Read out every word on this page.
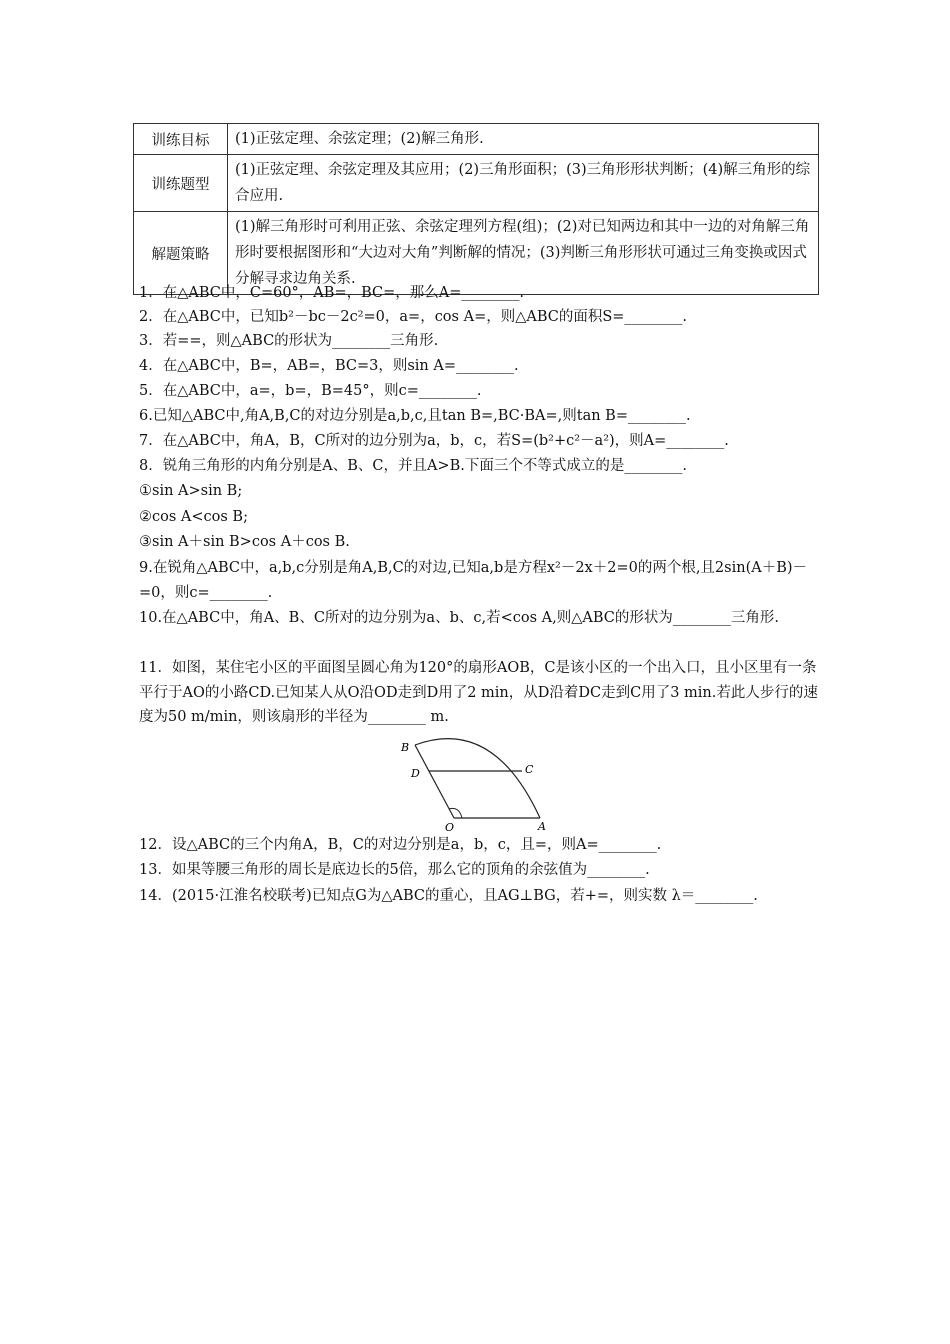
训练目标	(1)正弦定理、余弦定理；(2)解三角形.
训练题型	(1)正弦定理、余弦定理及其应用；(2)三角形面积；(3)三角形形状判断；(4)解三角形的综合应用.
解题策略	(1)解三角形时可利用正弦、余弦定理列方程(组)；(2)对已知两边和其中一边的对角解三角形时要根据图形和“大边对大角”判断解的情况；(3)判断三角形形状可通过三角变换或因式分解寻求边角关系.
1．在△ABC中，C=60°，AB=，BC=，那么A=________.
2．在△ABC中，已知b²－bc－2c²=0，a=，cos A=，则△ABC的面积S=________.
3．若==，则△ABC的形状为________三角形.
4．在△ABC中，B=，AB=，BC=3，则sin A=________.
5．在△ABC中，a=，b=，B=45°，则c=________.
6.已知△ABC中,角A,B,C的对边分别是a,b,c,且tan B=,BC·BA=,则tan B=________.
7．在△ABC中，角A，B，C所对的边分别为a，b，c，若S=(b²+c²－a²)，则A=________.
8．锐角三角形的内角分别是A、B、C，并且A>B.下面三个不等式成立的是________.
①sin A>sin B;
②cos A<cos B;
③sin A＋sin B>cos A＋cos B.
9.在锐角△ABC中，a,b,c分别是角A,B,C的对边,已知a,b是方程x²－2x＋2=0的两个根,且2sin(A＋B)－=0，则c=________.
10.在△ABC中，角A、B、C所对的边分别为a、b、c,若<cos A,则△ABC的形状为________三角形.
11．如图，某住宅小区的平面图呈圆心角为120°的扇形AOB，C是该小区的一个出入口，且小区里有一条平行于AO的小路CD.已知某人从O沿OD走到D用了2 min，从D沿着DC走到C用了3 min.若此人步行的速度为50 m/min，则该扇形的半径为________ m.
B
D	C
O	A
12．设△ABC的三个内角A，B，C的对边分别是a，b，c，且=，则A=________.
13．如果等腰三角形的周长是底边长的5倍，那么它的顶角的余弦值为________.
14．(2015·江淮名校联考)已知点G为△ABC的重心，且AG⊥BG，若+=，则实数 λ＝________.
